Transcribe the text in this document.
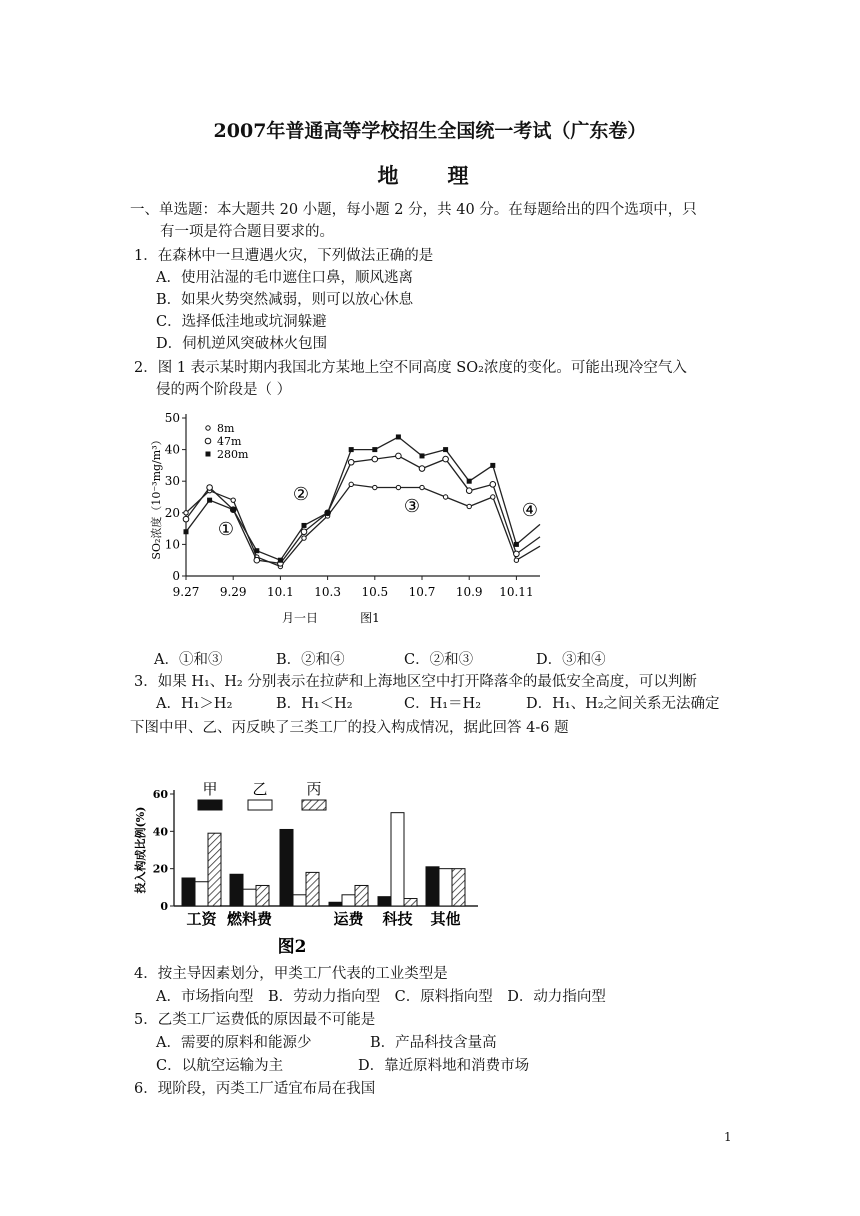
2007年普通高等学校招生全国统一考试（广东卷）
地　理
一、单选题：本大题共 20 小题，每小题 2 分，共 40 分。在每题给出的四个选项中，只
有一项是符合题目要求的。
1．在森林中一旦遭遇火灾，下列做法正确的是
A．使用沾湿的毛巾遮住口鼻，顺风逃离
B．如果火势突然减弱，则可以放心休息
C．选择低洼地或坑洞躲避
D．伺机逆风突破林火包围
2．图 1 表示某时期内我国北方某地上空不同高度 SO₂浓度的变化。可能出现冷空气入
侵的两个阶段是（ ）
0
10
20
30
40
50
9.27 9.29 10.1 10.3 10.5 10.7 10.9 10.11
SO₂浓度（10⁻³mg/m³）
月一日	图1
①
②
③	④
8m
47m
280m
A．①和③	B．②和④	C．②和③	D．③和④
3．如果 H₁、H₂ 分别表示在拉萨和上海地区空中打开降落伞的最低安全高度，可以判断
A．H₁＞H₂	B．H₁＜H₂	C．H₁＝H₂	D．H₁、H₂之间关系无法确定
下图中甲、乙、丙反映了三类工厂的投入构成情况，据此回答 4-6 题
0
20
40
60
投入构成比例(%)
工资 燃料费	运费 科技 其他
甲 乙	丙
图2
4．按主导因素划分，甲类工厂代表的工业类型是
A．市场指向型　B．劳动力指向型　C．原料指向型　D．动力指向型
5．乙类工厂运费低的原因最不可能是
A．需要的原料和能源少	B．产品科技含量高
C．以航空运输为主	D．靠近原料地和消费市场
6．现阶段，丙类工厂适宜布局在我国
1
